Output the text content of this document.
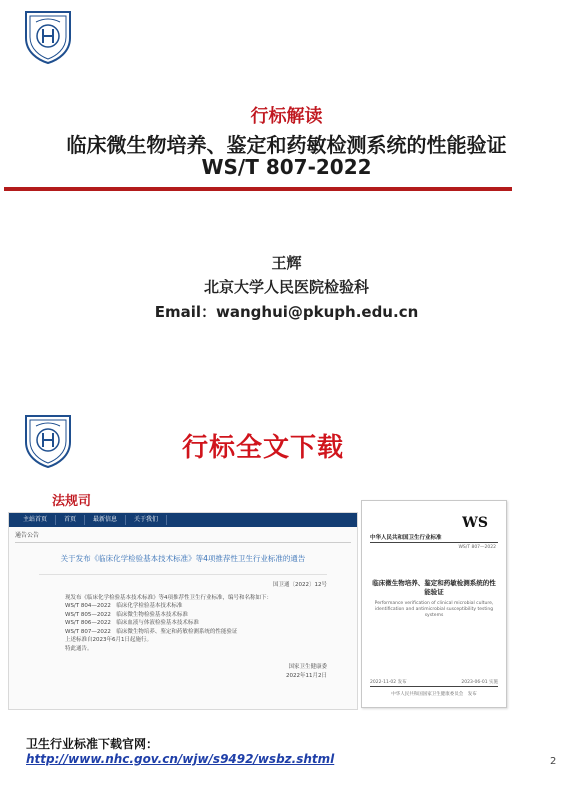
行标解读
临床微生物培养、鉴定和药敏检测系统的性能验证
WS/T 807-2022
王辉
北京大学人民医院检验科
Email：wanghui@pkuph.edu.cn
行标全文下载
法规司
主站首页	首页	最新信息	关于我们
通告公告
关于发布《临床化学检验基本技术标准》等4项推荐性卫生行业标准的通告
国卫通〔2022〕12号
现发布《临床化学检验基本技术标准》等4项推荐性卫生行业标准，编号和名称如下：
WS/T 804—2022　临床化学检验基本技术标准
WS/T 805—2022　临床微生物检验基本技术标准
WS/T 806—2022　临床血液与体液检验基本技术标准
WS/T 807—2022　临床微生物培养、鉴定和药敏检测系统的性能验证
上述标准自2023年6月1日起施行。
特此通告。
国家卫生健康委
2022年11月2日
WS
中华人民共和国卫生行业标准
WS/T 807—2022
临床微生物培养、鉴定和药敏检测系统的性能验证
Performance verification of clinical microbial culture, identification and antimicrobial susceptibility testing systems
2022-11-02 发布	2023-06-01 实施
中华人民共和国国家卫生健康委员会　发布
卫生行业标准下载官网：
http://www.nhc.gov.cn/wjw/s9492/wsbz.shtml	2
